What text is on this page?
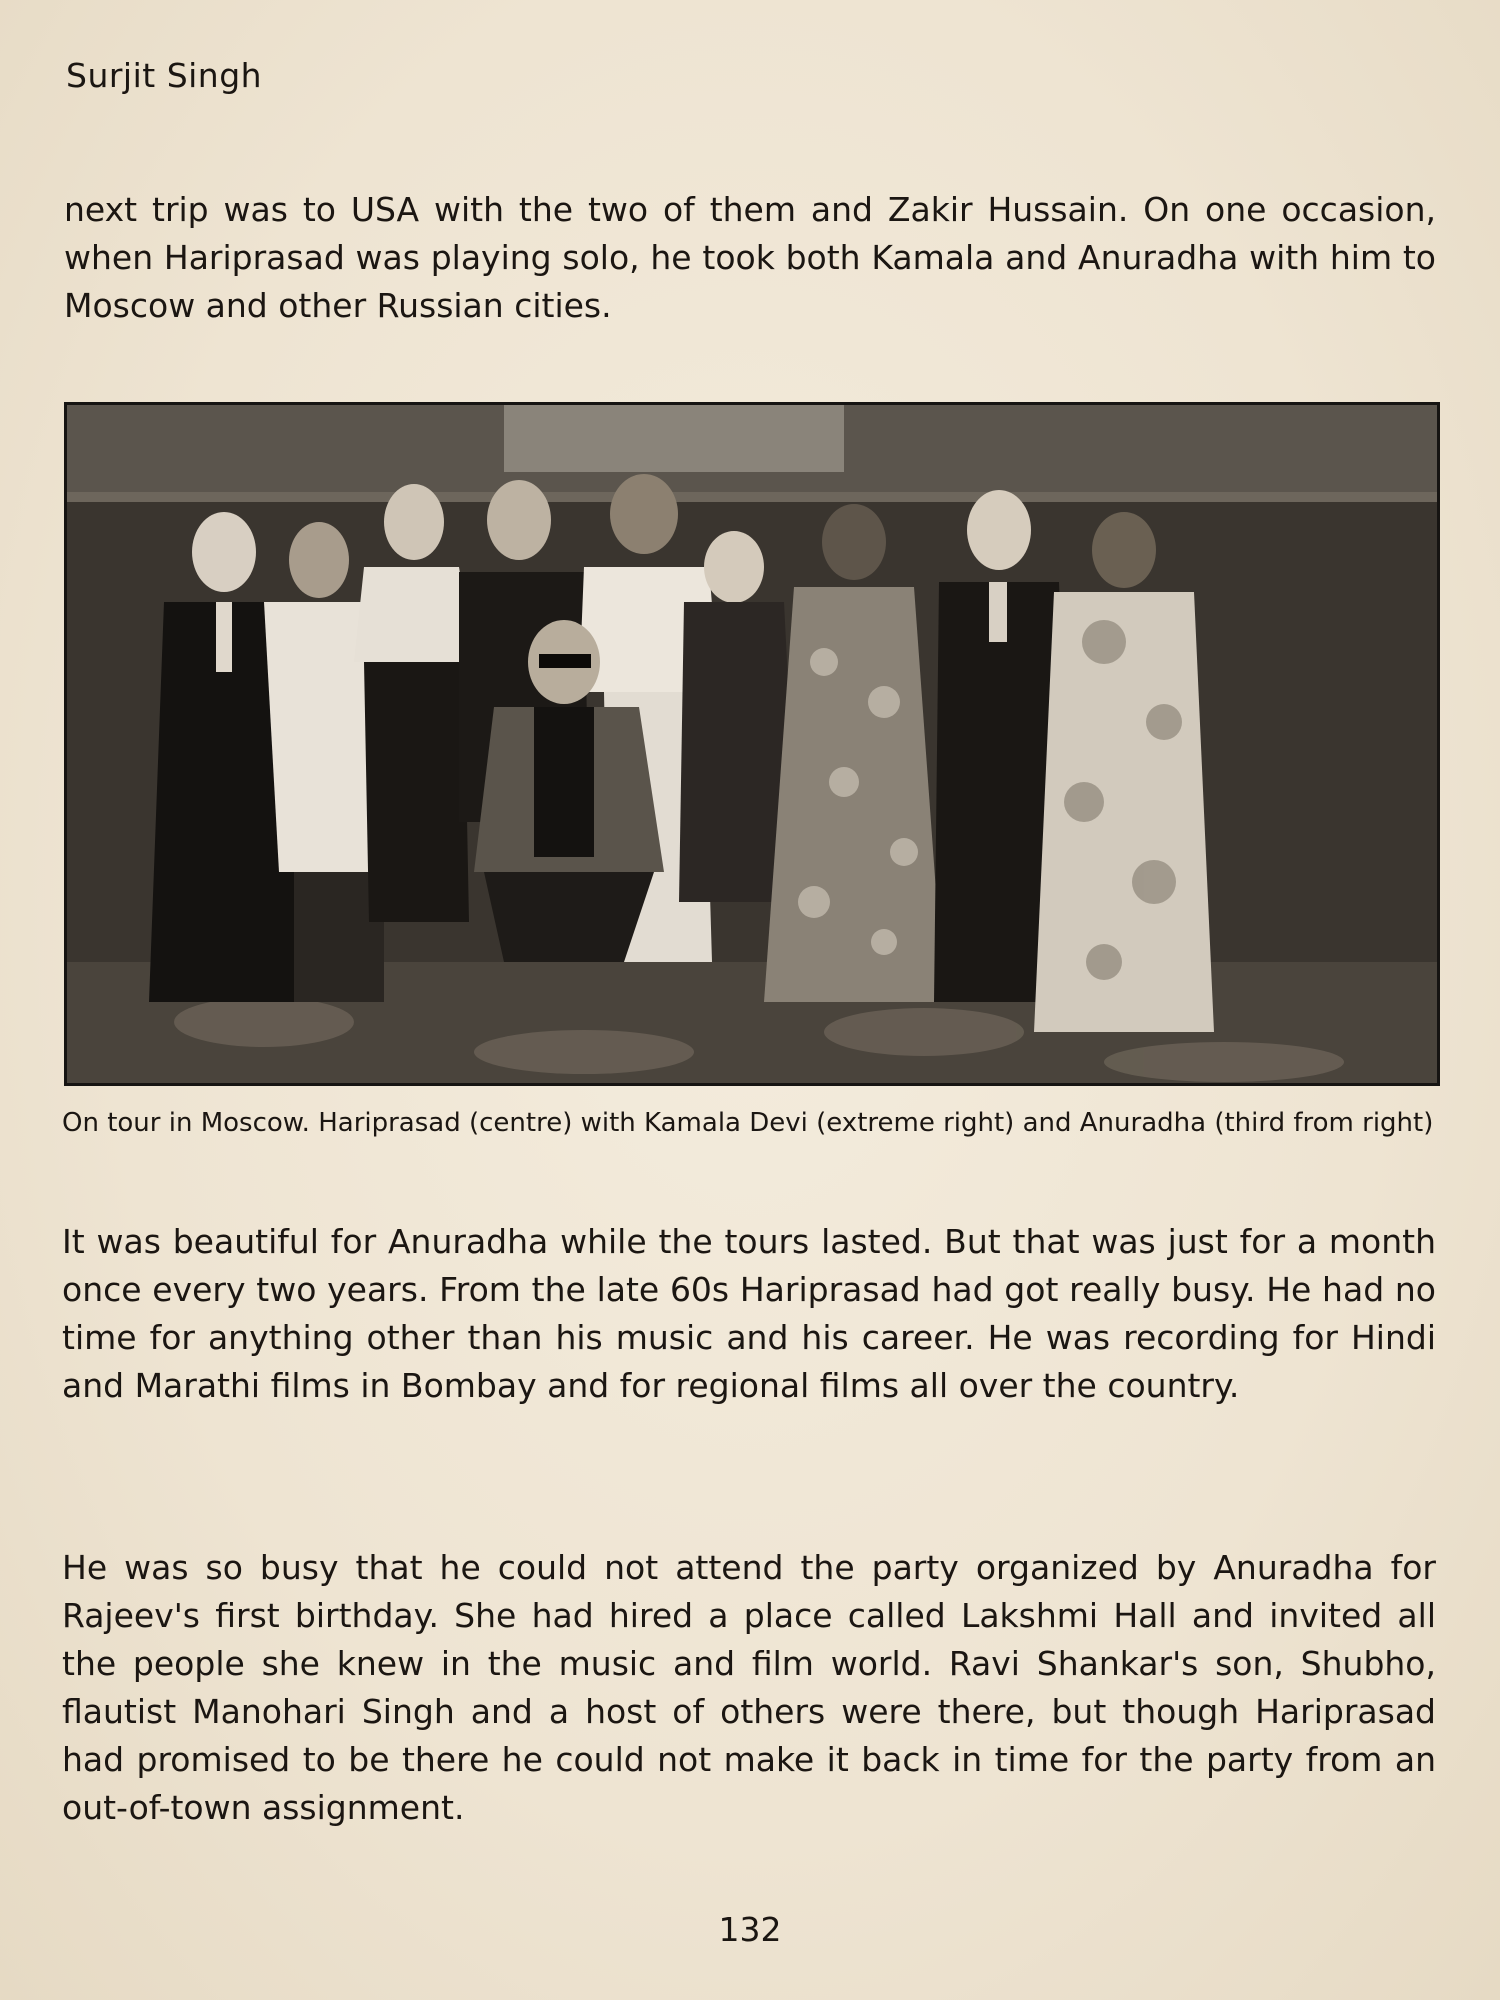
Surjit Singh

next trip was to USA with the two of them and Zakir Hussain. On one occasion, when Hariprasad was playing solo, he took both Kamala and Anuradha with him to Moscow and other Russian cities.

On tour in Moscow. Hariprasad (centre) with Kamala Devi (extreme right) and Anuradha (third from right)

It was beautiful for Anuradha while the tours lasted. But that was just for a month once every two years. From the late 60s Hariprasad had got really busy. He had no time for anything other than his music and his career. He was recording for Hindi and Marathi films in Bombay and for regional films all over the country.

He was so busy that he could not attend the party organized by Anuradha for Rajeev's first birthday. She had hired a place called Lakshmi Hall and invited all the people she knew in the music and film world. Ravi Shankar's son, Shubho, flautist Manohari Singh and a host of others were there, but though Hariprasad had promised to be there he could not make it back in time for the party from an out-of-town assignment.

132
